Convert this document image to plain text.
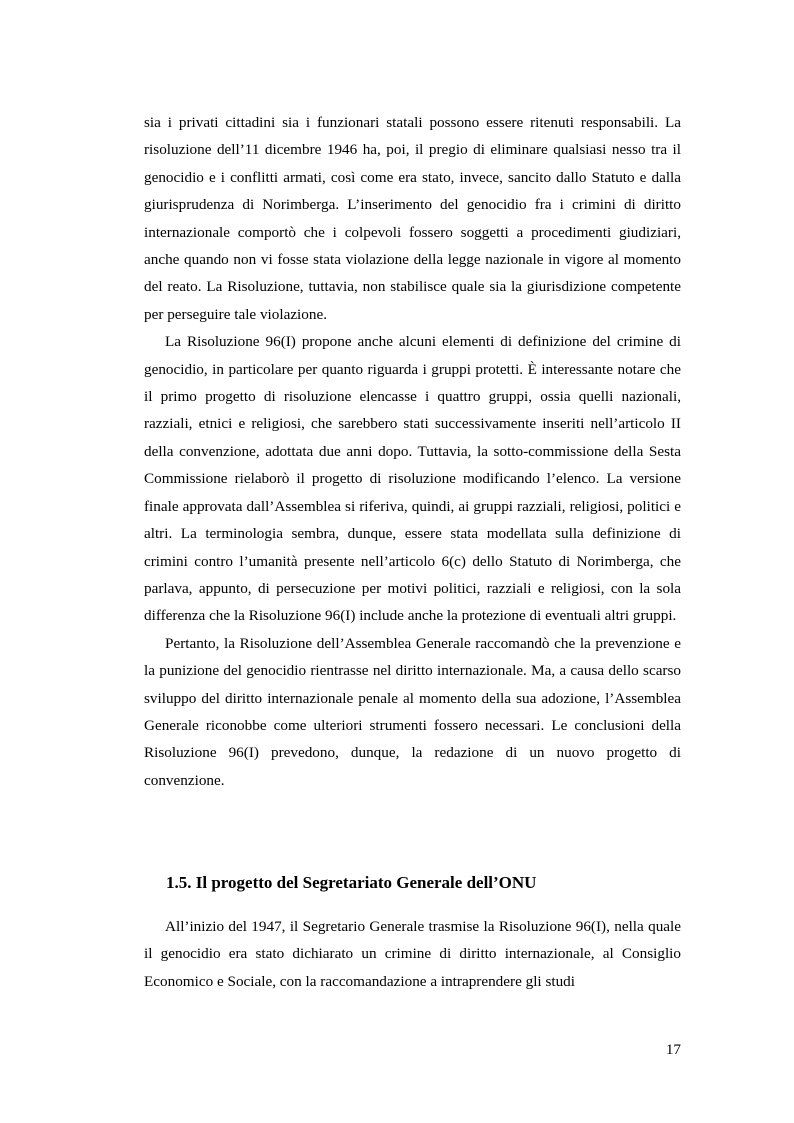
sia i privati cittadini sia i funzionari statali possono essere ritenuti responsabili. La risoluzione dell’11 dicembre 1946 ha, poi, il pregio di eliminare qualsiasi nesso tra il genocidio e i conflitti armati, così come era stato, invece, sancito dallo Statuto e dalla giurisprudenza di Norimberga. L’inserimento del genocidio fra i crimini di diritto internazionale comportò che i colpevoli fossero soggetti a procedimenti giudiziari, anche quando non vi fosse stata violazione della legge nazionale in vigore al momento del reato. La Risoluzione, tuttavia, non stabilisce quale sia la giurisdizione competente per perseguire tale violazione.

La Risoluzione 96(I) propone anche alcuni elementi di definizione del crimine di genocidio, in particolare per quanto riguarda i gruppi protetti. È interessante notare che il primo progetto di risoluzione elencasse i quattro gruppi, ossia quelli nazionali, razziali, etnici e religiosi, che sarebbero stati successivamente inseriti nell’articolo II della convenzione, adottata due anni dopo. Tuttavia, la sotto-commissione della Sesta Commissione rielaborò il progetto di risoluzione modificando l’elenco. La versione finale approvata dall’Assemblea si riferiva, quindi, ai gruppi razziali, religiosi, politici e altri. La terminologia sembra, dunque, essere stata modellata sulla definizione di crimini contro l’umanità presente nell’articolo 6(c) dello Statuto di Norimberga, che parlava, appunto, di persecuzione per motivi politici, razziali e religiosi, con la sola differenza che la Risoluzione 96(I) include anche la protezione di eventuali altri gruppi.

Pertanto, la Risoluzione dell’Assemblea Generale raccomandò che la prevenzione e la punizione del genocidio rientrasse nel diritto internazionale. Ma, a causa dello scarso sviluppo del diritto internazionale penale al momento della sua adozione, l’Assemblea Generale riconobbe come ulteriori strumenti fossero necessari. Le conclusioni della Risoluzione 96(I) prevedono, dunque, la redazione di un nuovo progetto di convenzione.

1.5. Il progetto del Segretariato Generale dell’ONU

All’inizio del 1947, il Segretario Generale trasmise la Risoluzione 96(I), nella quale il genocidio era stato dichiarato un crimine di diritto internazionale, al Consiglio Economico e Sociale, con la raccomandazione a intraprendere gli studi

17
